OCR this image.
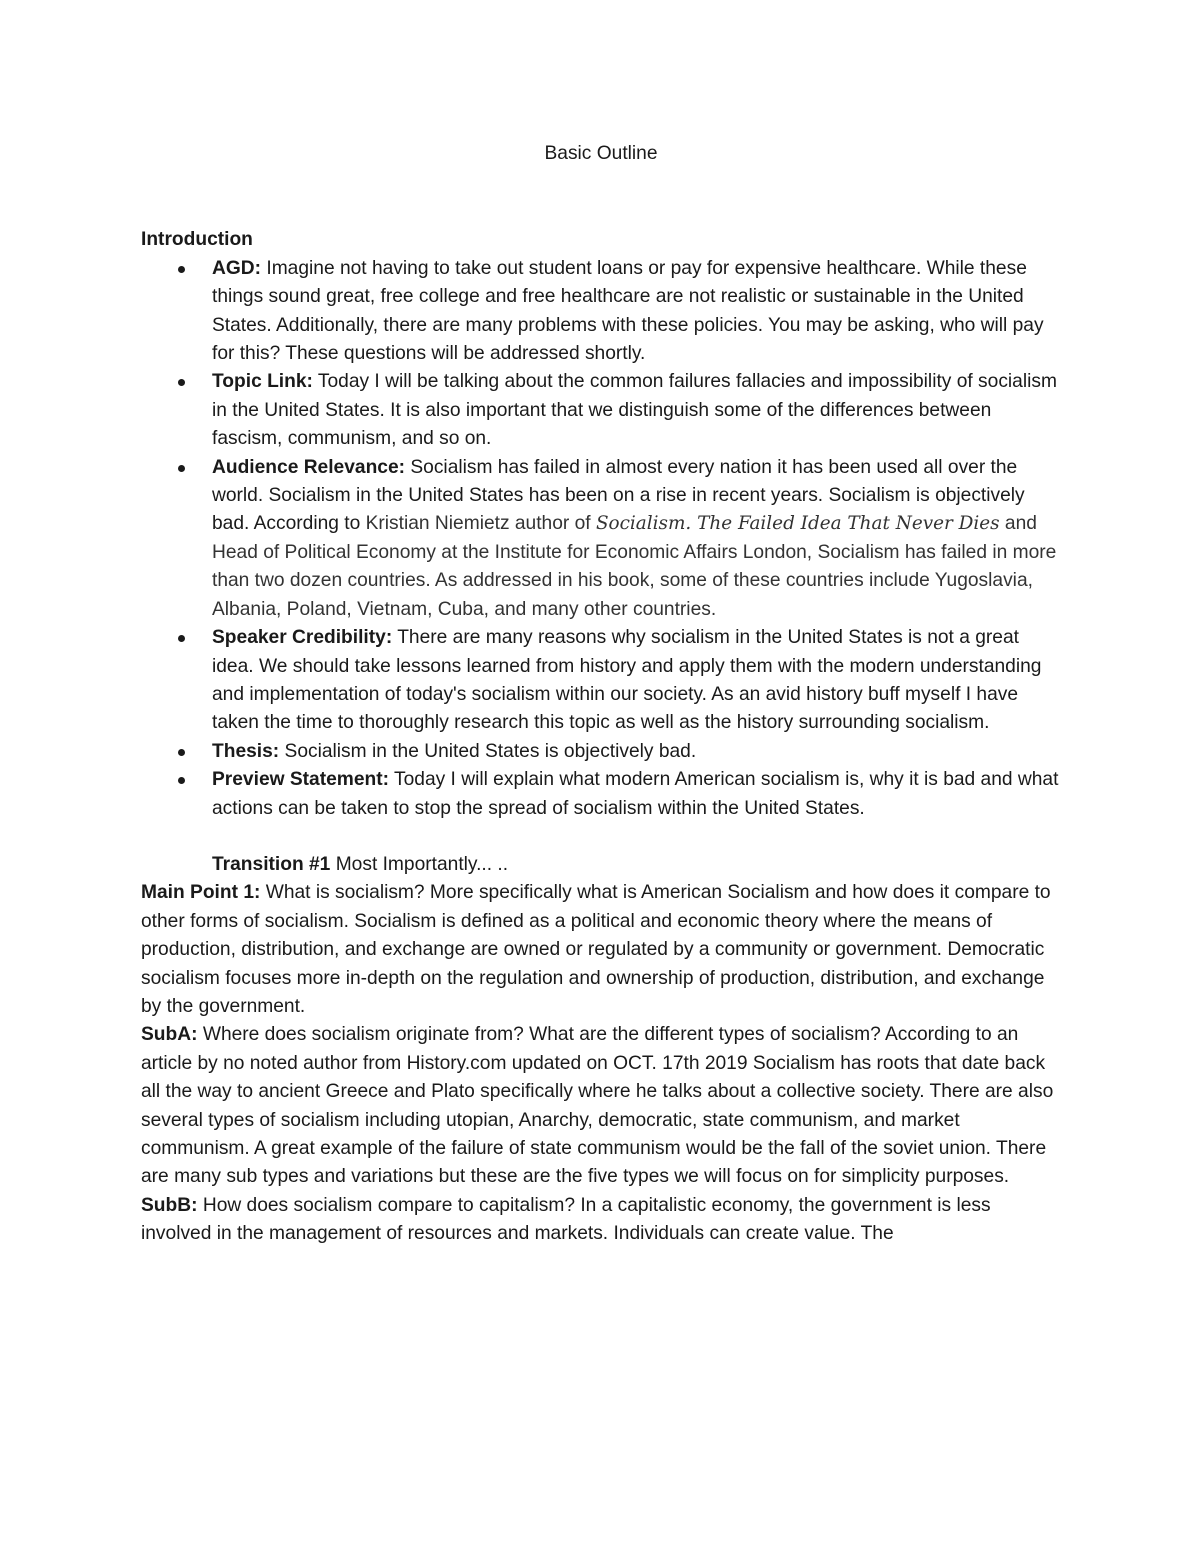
Basic Outline
Introduction
AGD: Imagine not having to take out student loans or pay for expensive healthcare. While these things sound great, free college and free healthcare are not realistic or sustainable in the United States. Additionally, there are many problems with these policies. You may be asking, who will pay for this? These questions will be addressed shortly.
Topic Link: Today I will be talking about the common failures fallacies and impossibility of socialism in the United States. It is also important that we distinguish some of the differences between fascism, communism, and so on.
Audience Relevance: Socialism has failed in almost every nation it has been used all over the world. Socialism in the United States has been on a rise in recent years. Socialism is objectively bad. According to Kristian Niemietz author of Socialism. The Failed Idea That Never Dies and Head of Political Economy at the Institute for Economic Affairs London, Socialism has failed in more than two dozen countries. As addressed in his book, some of these countries include Yugoslavia, Albania, Poland, Vietnam, Cuba, and many other countries.
Speaker Credibility: There are many reasons why socialism in the United States is not a great idea. We should take lessons learned from history and apply them with the modern understanding and implementation of today's socialism within our society. As an avid history buff myself I have taken the time to thoroughly research this topic as well as the history surrounding socialism.
Thesis: Socialism in the United States is objectively bad.
Preview Statement: Today I will explain what modern American socialism is, why it is bad and what actions can be taken to stop the spread of socialism within the United States.
Transition #1 Most Importantly... ..
Main Point 1: What is socialism? More specifically what is American Socialism and how does it compare to other forms of socialism. Socialism is defined as a political and economic theory where the means of production, distribution, and exchange are owned or regulated by a community or government. Democratic socialism focuses more in-depth on the regulation and ownership of production, distribution, and exchange by the government.
SubA: Where does socialism originate from? What are the different types of socialism? According to an article by no noted author from History.com updated on OCT. 17th 2019 Socialism has roots that date back all the way to ancient Greece and Plato specifically where he talks about a collective society. There are also several types of socialism including utopian, Anarchy, democratic, state communism, and market communism. A great example of the failure of state communism would be the fall of the soviet union. There are many sub types and variations but these are the five types we will focus on for simplicity purposes.
SubB: How does socialism compare to capitalism? In a capitalistic economy, the government is less involved in the management of resources and markets. Individuals can create value. The
